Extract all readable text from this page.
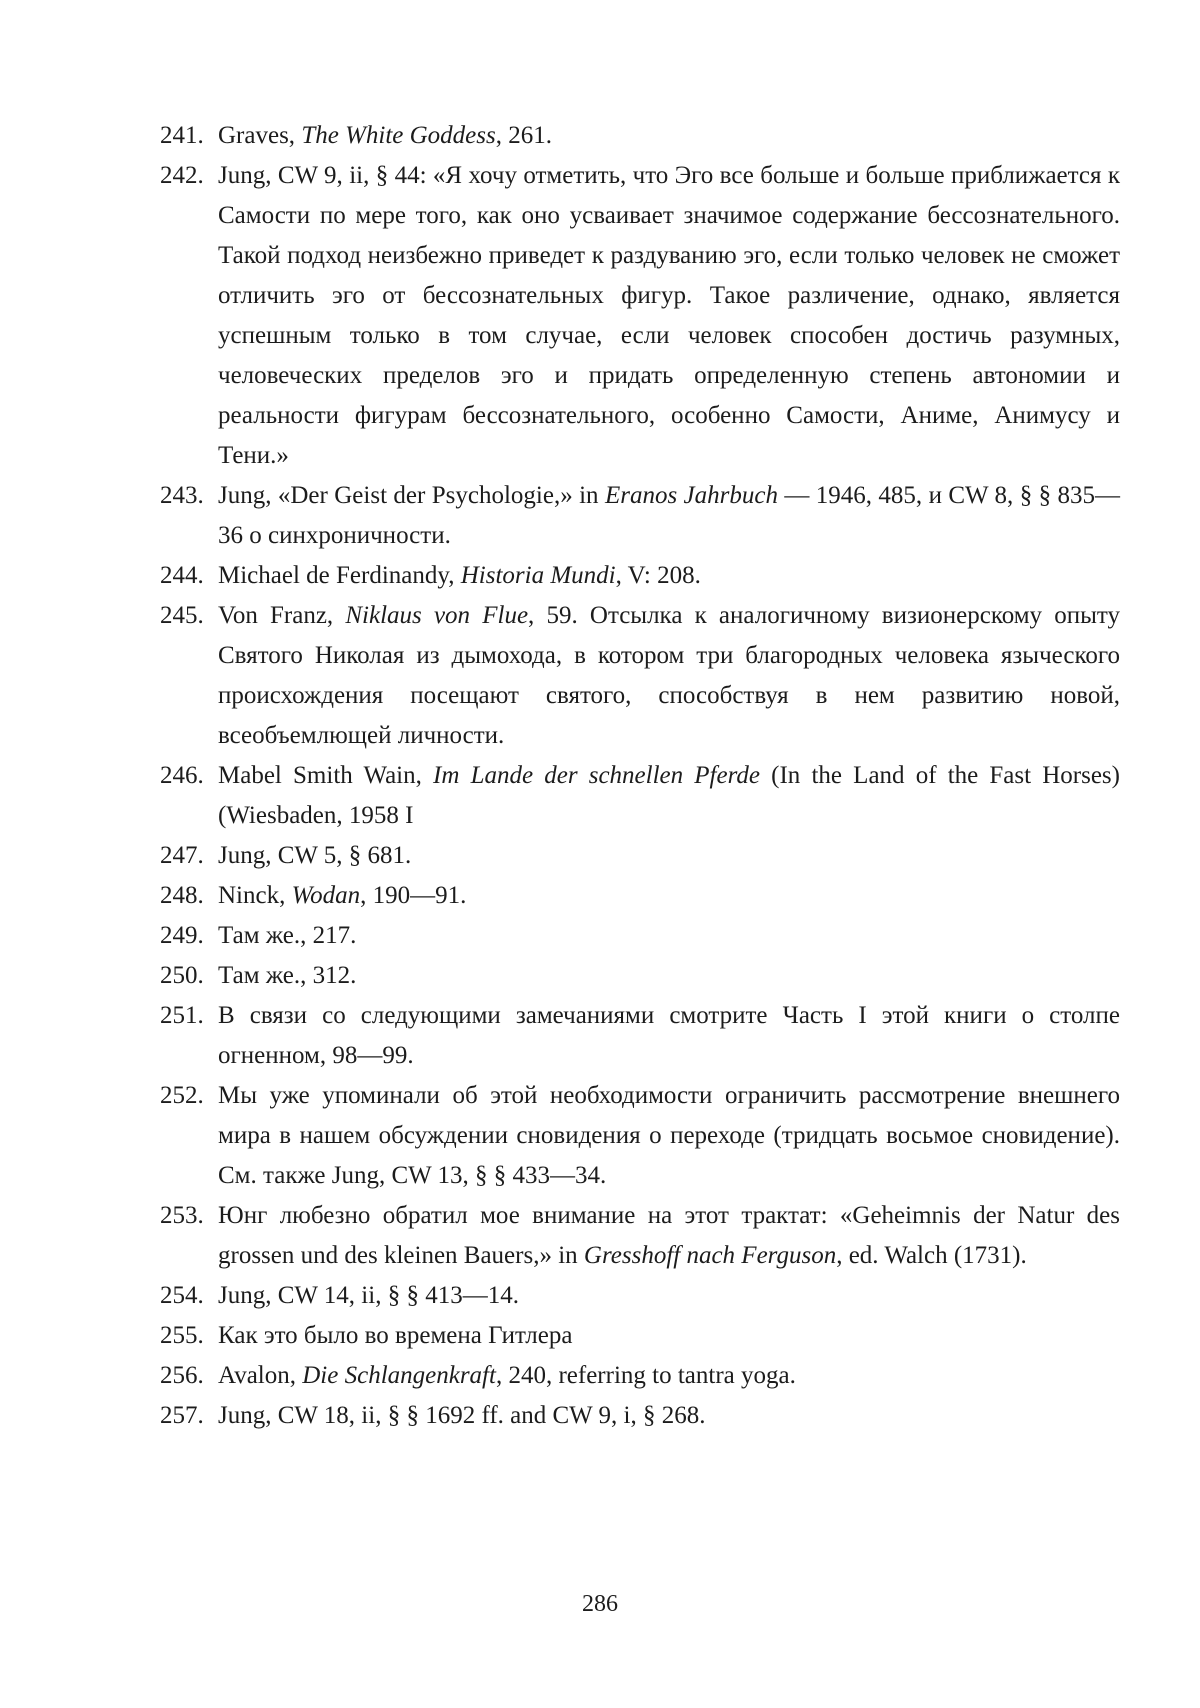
241. Graves, The White Goddess, 261.
242. Jung, CW 9, ii, § 44: «Я хочу отметить, что Эго все больше и больше приближается к Самости по мере того, как оно усваивает значимое содержание бессознательного. Такой подход неизбежно приведет к раздуванию эго, если только человек не сможет отличить эго от бессознательных фигур. Такое различение, однако, является успешным только в том случае, если человек способен достичь разумных, человеческих пределов эго и придать определенную степень автономии и реальности фигурам бессознательного, особенно Самости, Аниме, Анимусу и Тени.»
243. Jung, «Der Geist der Psychologie,» in Eranos Jahrbuch — 1946, 485, и CW 8, § § 835—36 о синхроничности.
244. Michael de Ferdinandy, Historia Mundi, V: 208.
245. Von Franz, Niklaus von Flue, 59. Отсылка к аналогичному визионерскому опыту Святого Николая из дымохода, в котором три благородных человека языческого происхождения посещают святого, способствуя в нем развитию новой, всеобъемлющей личности.
246. Mabel Smith Wain, Im Lande der schnellen Pferde (In the Land of the Fast Horses) (Wiesbaden, 1958 I
247. Jung, CW 5, § 681.
248. Ninck, Wodan, 190—91.
249. Там же., 217.
250. Там же., 312.
251. В связи со следующими замечаниями смотрите Часть I этой книги о столпе огненном, 98—99.
252. Мы уже упоминали об этой необходимости ограничить рассмотрение внешнего мира в нашем обсуждении сновидения о переходе (тридцать восьмое сновидение). См. также Jung, CW 13, § § 433—34.
253. Юнг любезно обратил мое внимание на этот трактат: «Geheimnis der Natur des grossen und des kleinen Bauers,» in Gresshoff nach Ferguson, ed. Walch (1731).
254. Jung, CW 14, ii, § § 413—14.
255. Как это было во времена Гитлера
256. Avalon, Die Schlangenkraft, 240, referring to tantra yoga.
257. Jung, CW 18, ii, § § 1692 ff. and CW 9, i, § 268.
286
